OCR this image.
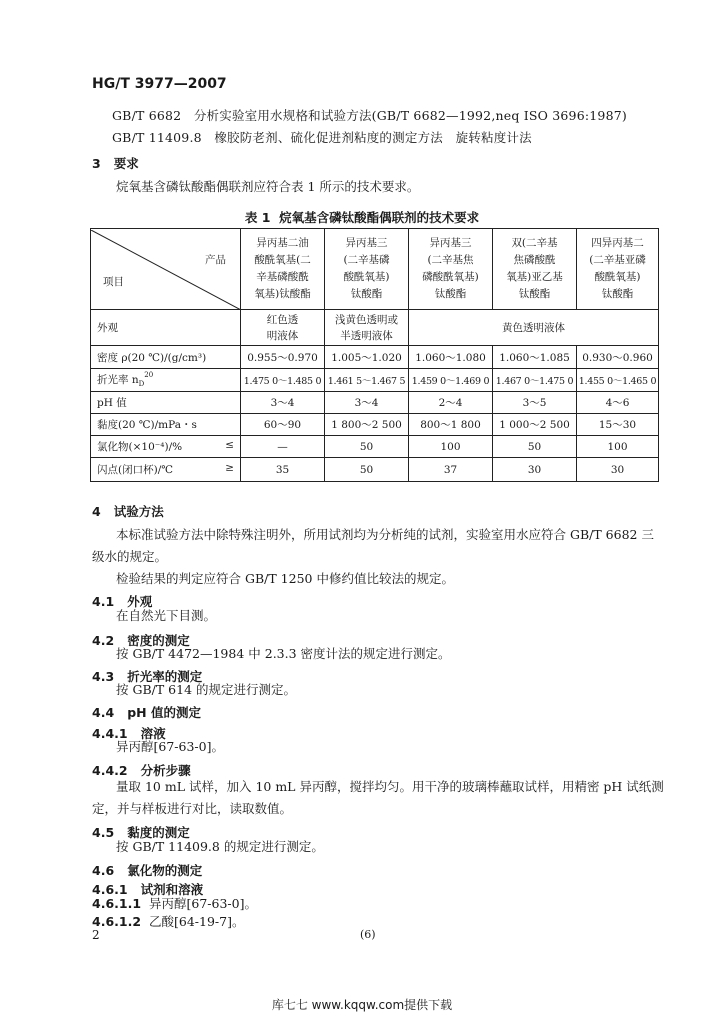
HG/T 3977—2007
GB/T 6682 分析实验室用水规格和试验方法(GB/T 6682—1992,neq ISO 3696:1987)
GB/T 11409.8 橡胶防老剂、硫化促进剂粘度的测定方法　旋转粘度计法
3 要求
烷氧基含磷钛酸酯偶联剂应符合表 1 所示的技术要求。
表 1 烷氧基含磷钛酸酯偶联剂的技术要求
产品
项目	异丙基二油
酸酰氧基(二
辛基磷酸酰
氧基)钛酸酯	异丙基三
(二辛基磷
酸酰氧基)
钛酸酯	异丙基三
(二辛基焦
磷酸酰氧基)
钛酸酯	双(二辛基
焦磷酸酰
氧基)亚乙基
钛酸酯	四异丙基二
(二辛基亚磷
酸酰氧基)
钛酸酯
外观	红色透
明液体	浅黄色透明或
半透明液体	黄色透明液体		
密度 ρ(20 ℃)/(g/cm³)	0.955～0.970	1.005～1.020	1.060～1.080	1.060～1.085	0.930～0.960
折光率 $n_D^{20}$	1.475 0～1.485 0	1.461 5～1.467 5	1.459 0～1.469 0	1.467 0～1.475 0	1.455 0～1.465 0
pH 值	3～4	3～4	2～4	3～5	4～6
黏度(20 ℃)/mPa・s	60～90	1 800～2 500	800～1 800	1 000～2 500	15～30

氯化物(×10⁻⁴)/% ≤	—	50	100	50	100

闪点(闭口杯)/℃ ≥	35	50	37	30	30
4 试验方法
本标准试验方法中除特殊注明外，所用试剂均为分析纯的试剂，实验室用水应符合 GB/T 6682 三
级水的规定。
检验结果的判定应符合 GB/T 1250 中修约值比较法的规定。
4.1 外观
在自然光下目测。
4.2 密度的测定
按 GB/T 4472—1984 中 2.3.3 密度计法的规定进行测定。
4.3 折光率的测定
按 GB/T 614 的规定进行测定。
4.4 pH 值的测定
4.4.1 溶液
异丙醇[67-63-0]。
4.4.2 分析步骤
量取 10 mL 试样，加入 10 mL 异丙醇，搅拌均匀。用干净的玻璃棒蘸取试样，用精密 pH 试纸测
定，并与样板进行对比，读取数值。
4.5 黏度的测定
按 GB/T 11409.8 的规定进行测定。
4.6 氯化物的测定
4.6.1 试剂和溶液
4.6.1.1 异丙醇[67-63-0]。
4.6.1.2 乙酸[64-19-7]。
2	(6)
库七七 www.kqqw.com提供下载
